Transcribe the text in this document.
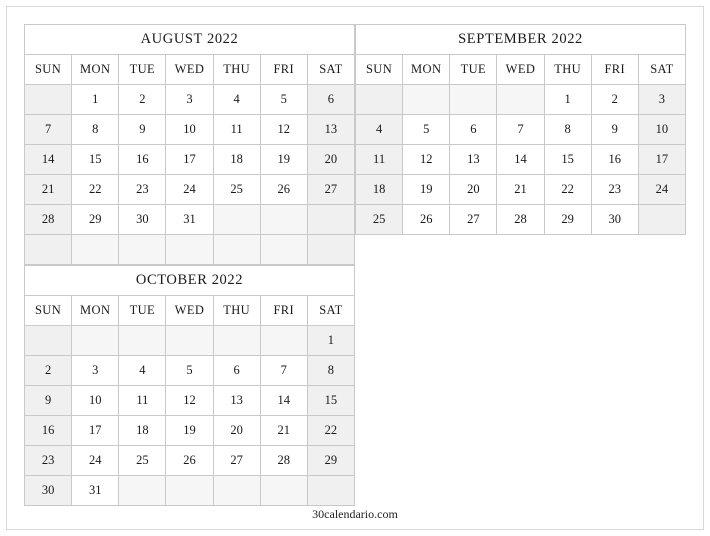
AUGUST 2022						
SUN	MON	TUE	WED	THU	FRI	SAT
	1	2	3	4	5	6
7	8	9	10	11	12	13
14	15	16	17	18	19	20
21	22	23	24	25	26	27
28	29	30	31			

SEPTEMBER 2022						
SUN	MON	TUE	WED	THU	FRI	SAT
				1	2	3
4	5	6	7	8	9	10
11	12	13	14	15	16	17
18	19	20	21	22	23	24
25	26	27	28	29	30	
OCTOBER 2022						
SUN	MON	TUE	WED	THU	FRI	SAT
						1
2	3	4	5	6	7	8
9	10	11	12	13	14	15
16	17	18	19	20	21	22
23	24	25	26	27	28	29
30	31					
30calendario.com
